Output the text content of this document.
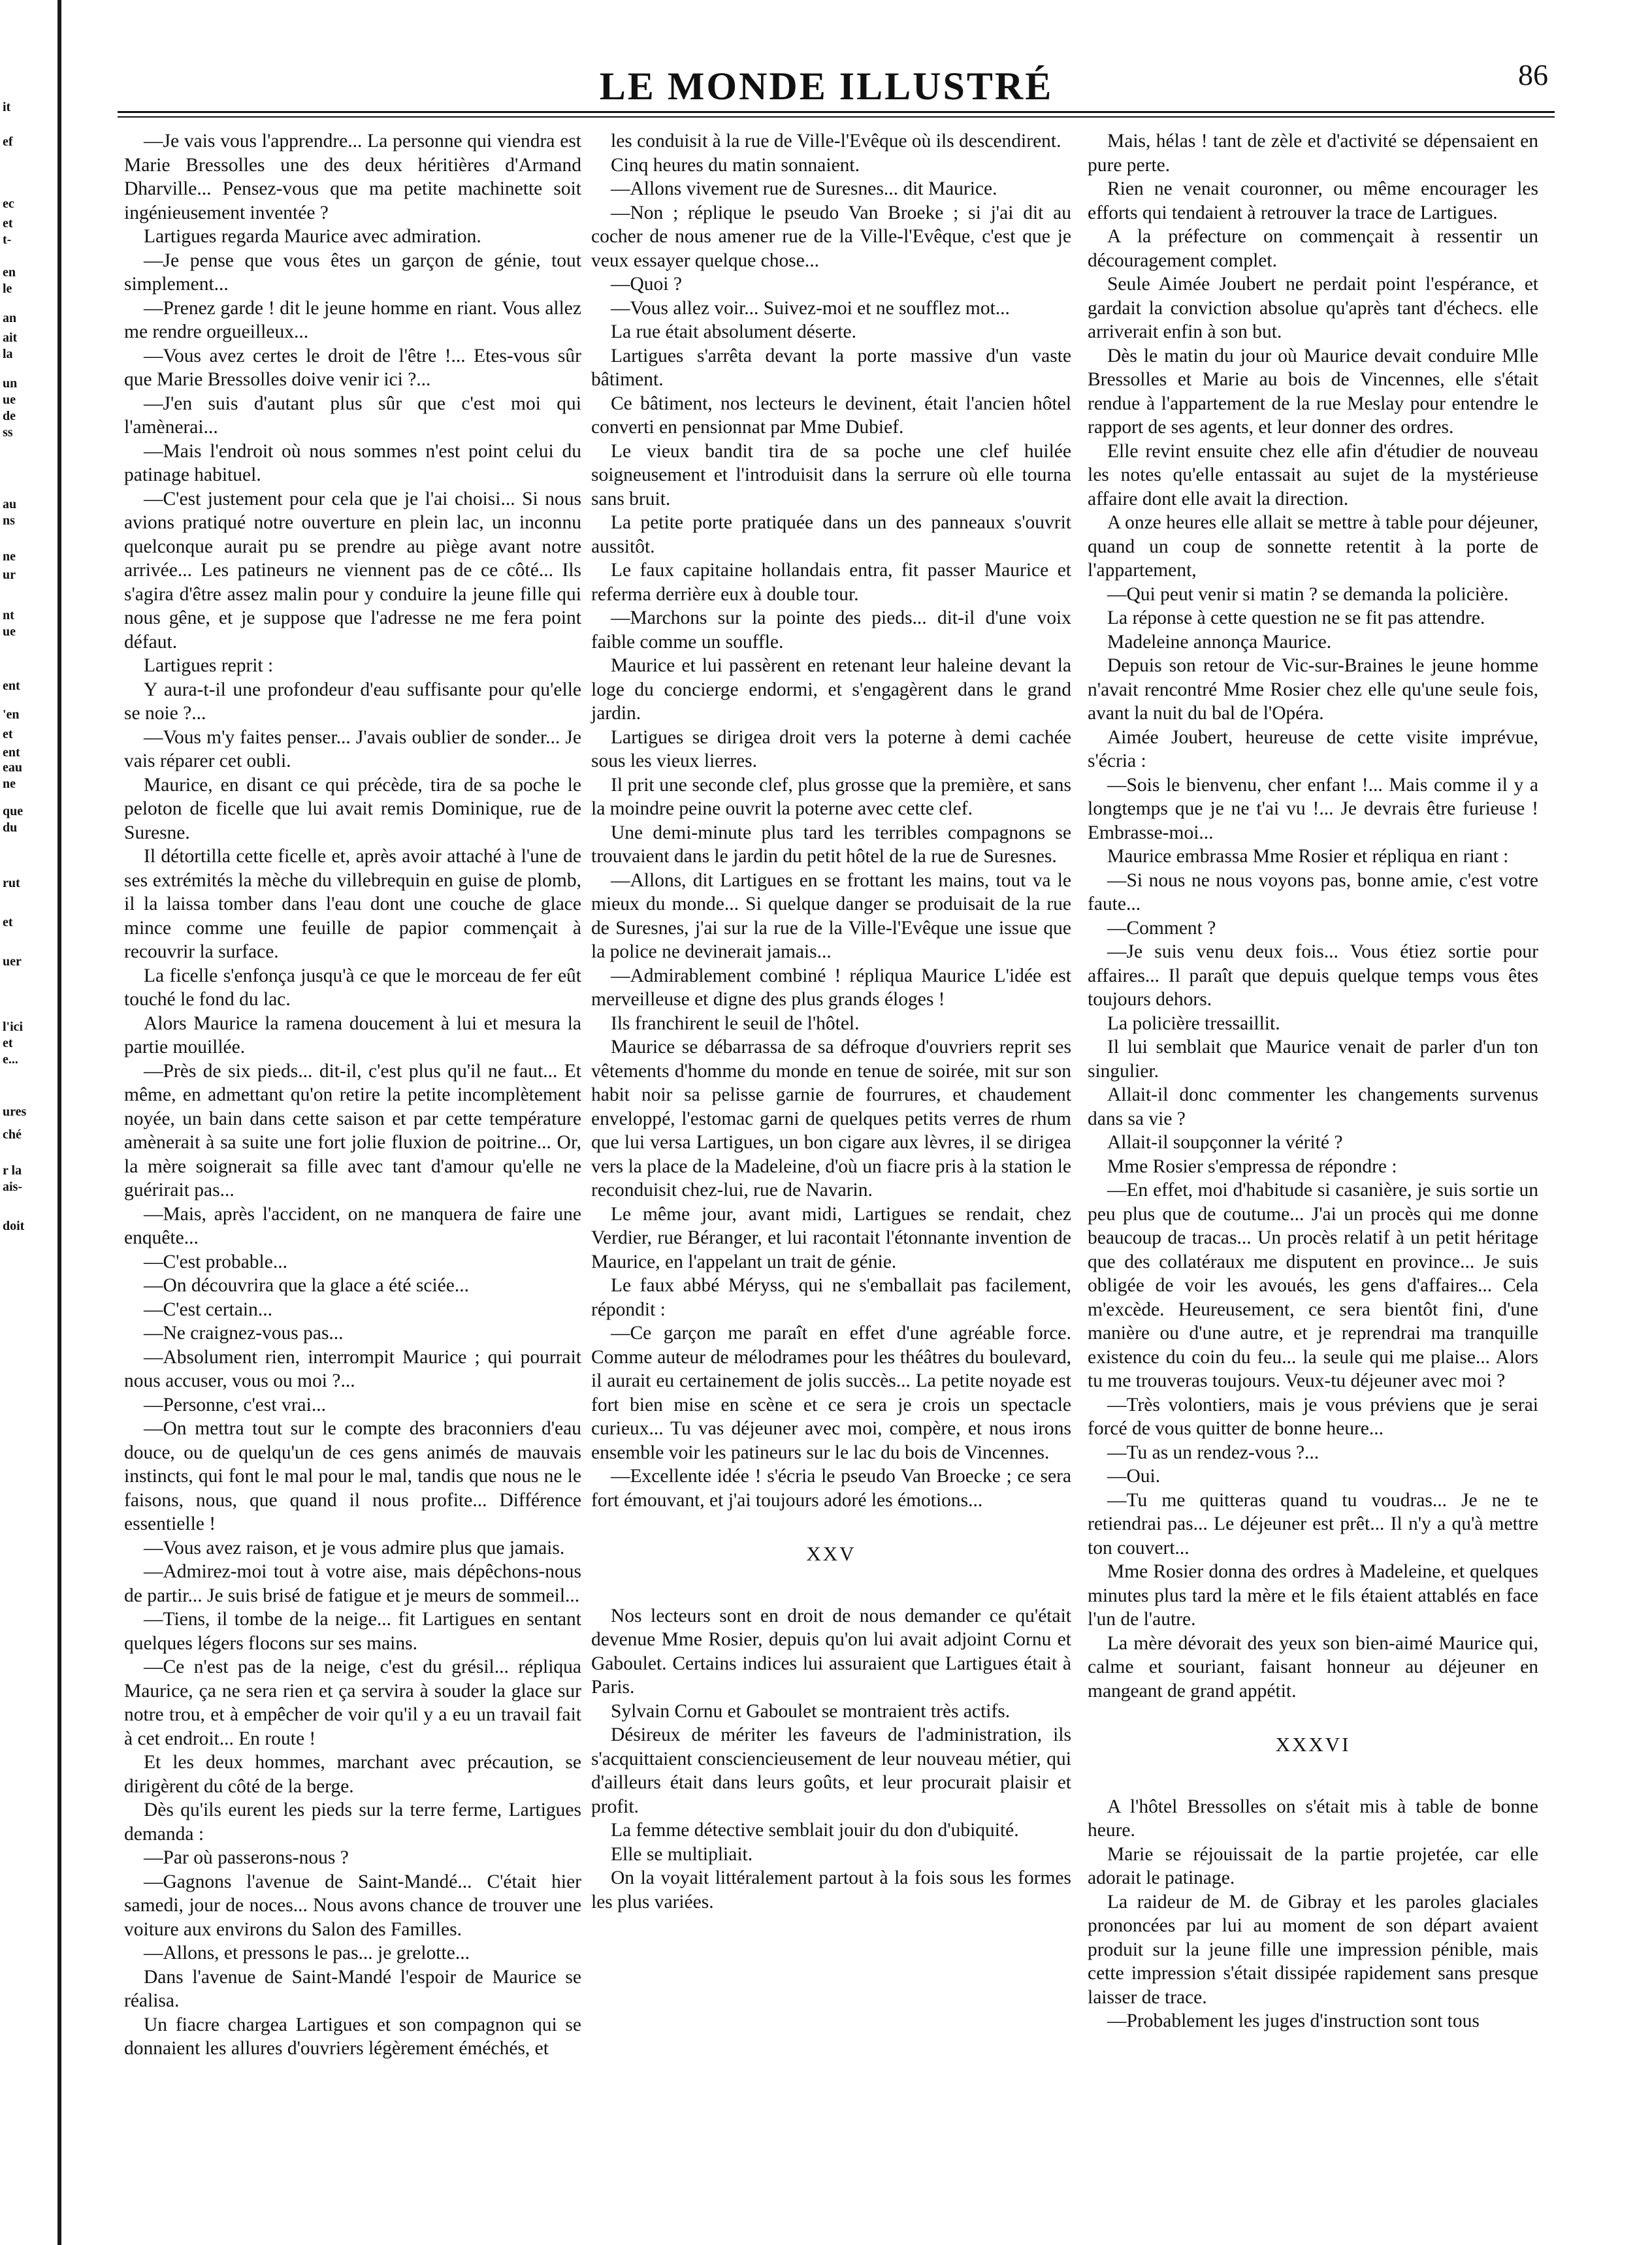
it
ef
ec
et
t-
en
le
an
ait
la
un
ue
de
ss
au
ns
ne
ur
nt
ue
ent
'en
et
ent
eau
ne
que
du
rut
et
uer
l'ici
et
e...
ures
ché
r la
ais-
doit
LE MONDE ILLUSTRÉ	86

—Je vais vous l'apprendre... La personne qui viendra est Marie Bressolles une des deux héritières d'Armand Dharville... Pensez-vous que ma petite machinette soit ingénieusement inventée ?

Lartigues regarda Maurice avec admiration.

—Je pense que vous êtes un garçon de génie, tout simplement...

—Prenez garde ! dit le jeune homme en riant. Vous allez me rendre orgueilleux...

—Vous avez certes le droit de l'être !... Etes-vous sûr que Marie Bressolles doive venir ici ?...

—J'en suis d'autant plus sûr que c'est moi qui l'amènerai...

—Mais l'endroit où nous sommes n'est point celui du patinage habituel.

—C'est justement pour cela que je l'ai choisi... Si nous avions pratiqué notre ouverture en plein lac, un inconnu quelconque aurait pu se prendre au piège avant notre arrivée... Les patineurs ne viennent pas de ce côté... Ils s'agira d'être assez malin pour y conduire la jeune fille qui nous gêne, et je suppose que l'adresse ne me fera point défaut.

Lartigues reprit :

Y aura-t-il une profondeur d'eau suffisante pour qu'elle se noie ?...

—Vous m'y faites penser... J'avais oublier de sonder... Je vais réparer cet oubli.

Maurice, en disant ce qui précède, tira de sa poche le peloton de ficelle que lui avait remis Dominique, rue de Suresne.

Il détortilla cette ficelle et, après avoir attaché à l'une de ses extrémités la mèche du villebrequin en guise de plomb, il la laissa tomber dans l'eau dont une couche de glace mince comme une feuille de papior commençait à recouvrir la surface.

La ficelle s'enfonça jusqu'à ce que le morceau de fer eût touché le fond du lac.

Alors Maurice la ramena doucement à lui et mesura la partie mouillée.

—Près de six pieds... dit-il, c'est plus qu'il ne faut... Et même, en admettant qu'on retire la petite incomplètement noyée, un bain dans cette saison et par cette température amènerait à sa suite une fort jolie fluxion de poitrine... Or, la mère soignerait sa fille avec tant d'amour qu'elle ne guérirait pas...

—Mais, après l'accident, on ne manquera de faire une enquête...

—C'est probable...

—On découvrira que la glace a été sciée...

—C'est certain...

—Ne craignez-vous pas...

—Absolument rien, interrompit Maurice ; qui pourrait nous accuser, vous ou moi ?...

—Personne, c'est vrai...

—On mettra tout sur le compte des braconniers d'eau douce, ou de quelqu'un de ces gens animés de mauvais instincts, qui font le mal pour le mal, tandis que nous ne le faisons, nous, que quand il nous profite... Différence essentielle !

—Vous avez raison, et je vous admire plus que jamais.

—Admirez-moi tout à votre aise, mais dépêchons-nous de partir... Je suis brisé de fatigue et je meurs de sommeil...

—Tiens, il tombe de la neige... fit Lartigues en sentant quelques légers flocons sur ses mains.

—Ce n'est pas de la neige, c'est du grésil... répliqua Maurice, ça ne sera rien et ça servira à souder la glace sur notre trou, et à empêcher de voir qu'il y a eu un travail fait à cet endroit... En route !

Et les deux hommes, marchant avec précaution, se dirigèrent du côté de la berge.

Dès qu'ils eurent les pieds sur la terre ferme, Lartigues demanda :

—Par où passerons-nous ?

—Gagnons l'avenue de Saint-Mandé... C'était hier samedi, jour de noces... Nous avons chance de trouver une voiture aux environs du Salon des Familles.

—Allons, et pressons le pas... je grelotte...

Dans l'avenue de Saint-Mandé l'espoir de Maurice se réalisa.

Un fiacre chargea Lartigues et son compagnon qui se donnaient les allures d'ouvriers légèrement éméchés, et

les conduisit à la rue de Ville-l'Evêque où ils descendirent.

Cinq heures du matin sonnaient.

—Allons vivement rue de Suresnes... dit Maurice.

—Non ; réplique le pseudo Van Broeke ; si j'ai dit au cocher de nous amener rue de la Ville-l'Evêque, c'est que je veux essayer quelque chose...

—Quoi ?

—Vous allez voir... Suivez-moi et ne soufflez mot...

La rue était absolument déserte.

Lartigues s'arrêta devant la porte massive d'un vaste bâtiment.

Ce bâtiment, nos lecteurs le devinent, était l'ancien hôtel converti en pensionnat par Mme Dubief.

Le vieux bandit tira de sa poche une clef huilée soigneusement et l'introduisit dans la serrure où elle tourna sans bruit.

La petite porte pratiquée dans un des panneaux s'ouvrit aussitôt.

Le faux capitaine hollandais entra, fit passer Maurice et referma derrière eux à double tour.

—Marchons sur la pointe des pieds... dit-il d'une voix faible comme un souffle.

Maurice et lui passèrent en retenant leur haleine devant la loge du concierge endormi, et s'engagèrent dans le grand jardin.

Lartigues se dirigea droit vers la poterne à demi cachée sous les vieux lierres.

Il prit une seconde clef, plus grosse que la première, et sans la moindre peine ouvrit la poterne avec cette clef.

Une demi-minute plus tard les terribles compagnons se trouvaient dans le jardin du petit hôtel de la rue de Suresnes.

—Allons, dit Lartigues en se frottant les mains, tout va le mieux du monde... Si quelque danger se produisait de la rue de Suresnes, j'ai sur la rue de la Ville-l'Evêque une issue que la police ne devinerait jamais...

—Admirablement combiné ! répliqua Maurice L'idée est merveilleuse et digne des plus grands éloges !

Ils franchirent le seuil de l'hôtel.

Maurice se débarrassa de sa défroque d'ouvriers reprit ses vêtements d'homme du monde en tenue de soirée, mit sur son habit noir sa pelisse garnie de fourrures, et chaudement enveloppé, l'estomac garni de quelques petits verres de rhum que lui versa Lartigues, un bon cigare aux lèvres, il se dirigea vers la place de la Madeleine, d'où un fiacre pris à la station le reconduisit chez-lui, rue de Navarin.

Le même jour, avant midi, Lartigues se rendait, chez Verdier, rue Béranger, et lui racontait l'étonnante invention de Maurice, en l'appelant un trait de génie.

Le faux abbé Méryss, qui ne s'emballait pas facilement, répondit :

—Ce garçon me paraît en effet d'une agréable force. Comme auteur de mélodrames pour les théâtres du boulevard, il aurait eu certainement de jolis succès... La petite noyade est fort bien mise en scène et ce sera je crois un spectacle curieux... Tu vas déjeuner avec moi, compère, et nous irons ensemble voir les patineurs sur le lac du bois de Vincennes.

—Excellente idée ! s'écria le pseudo Van Broecke ; ce sera fort émouvant, et j'ai toujours adoré les émotions...

XXV

Nos lecteurs sont en droit de nous demander ce qu'était devenue Mme Rosier, depuis qu'on lui avait adjoint Cornu et Gaboulet. Certains indices lui assuraient que Lartigues était à Paris.

Sylvain Cornu et Gaboulet se montraient très actifs.

Désireux de mériter les faveurs de l'administration, ils s'acquittaient consciencieusement de leur nouveau métier, qui d'ailleurs était dans leurs goûts, et leur procurait plaisir et profit.

La femme détective semblait jouir du don d'ubiquité.

Elle se multipliait.

On la voyait littéralement partout à la fois sous les formes les plus variées.

Mais, hélas ! tant de zèle et d'activité se dépensaient en pure perte.

Rien ne venait couronner, ou même encourager les efforts qui tendaient à retrouver la trace de Lartigues.

A la préfecture on commençait à ressentir un découragement complet.

Seule Aimée Joubert ne perdait point l'espérance, et gardait la conviction absolue qu'après tant d'échecs. elle arriverait enfin à son but.

Dès le matin du jour où Maurice devait conduire Mlle Bressolles et Marie au bois de Vincennes, elle s'était rendue à l'appartement de la rue Meslay pour entendre le rapport de ses agents, et leur donner des ordres.

Elle revint ensuite chez elle afin d'étudier de nouveau les notes qu'elle entassait au sujet de la mystérieuse affaire dont elle avait la direction.

A onze heures elle allait se mettre à table pour déjeuner, quand un coup de sonnette retentit à la porte de l'appartement,

—Qui peut venir si matin ? se demanda la policière.

La réponse à cette question ne se fit pas attendre.

Madeleine annonça Maurice.

Depuis son retour de Vic-sur-Braines le jeune homme n'avait rencontré Mme Rosier chez elle qu'une seule fois, avant la nuit du bal de l'Opéra.

Aimée Joubert, heureuse de cette visite imprévue, s'écria :

—Sois le bienvenu, cher enfant !... Mais comme il y a longtemps que je ne t'ai vu !... Je devrais être furieuse ! Embrasse-moi...

Maurice embrassa Mme Rosier et répliqua en riant :

—Si nous ne nous voyons pas, bonne amie, c'est votre faute...

—Comment ?

—Je suis venu deux fois... Vous étiez sortie pour affaires... Il paraît que depuis quelque temps vous êtes toujours dehors.

La policière tressaillit.

Il lui semblait que Maurice venait de parler d'un ton singulier.

Allait-il donc commenter les changements survenus dans sa vie ?

Allait-il soupçonner la vérité ?

Mme Rosier s'empressa de répondre :

—En effet, moi d'habitude si casanière, je suis sortie un peu plus que de coutume... J'ai un procès qui me donne beaucoup de tracas... Un procès relatif à un petit héritage que des collatéraux me disputent en province... Je suis obligée de voir les avoués, les gens d'affaires... Cela m'excède. Heureusement, ce sera bientôt fini, d'une manière ou d'une autre, et je reprendrai ma tranquille existence du coin du feu... la seule qui me plaise... Alors tu me trouveras toujours. Veux-tu déjeuner avec moi ?

—Très volontiers, mais je vous préviens que je serai forcé de vous quitter de bonne heure...

—Tu as un rendez-vous ?...

—Oui.

—Tu me quitteras quand tu voudras... Je ne te retiendrai pas... Le déjeuner est prêt... Il n'y a qu'à mettre ton couvert...

Mme Rosier donna des ordres à Madeleine, et quelques minutes plus tard la mère et le fils étaient attablés en face l'un de l'autre.

La mère dévorait des yeux son bien-aimé Maurice qui, calme et souriant, faisant honneur au déjeuner en mangeant de grand appétit.

XXXVI

A l'hôtel Bressolles on s'était mis à table de bonne heure.

Marie se réjouissait de la partie projetée, car elle adorait le patinage.

La raideur de M. de Gibray et les paroles glaciales prononcées par lui au moment de son départ avaient produit sur la jeune fille une impression pénible, mais cette impression s'était dissipée rapidement sans presque laisser de trace.

—Probablement les juges d'instruction sont tous
